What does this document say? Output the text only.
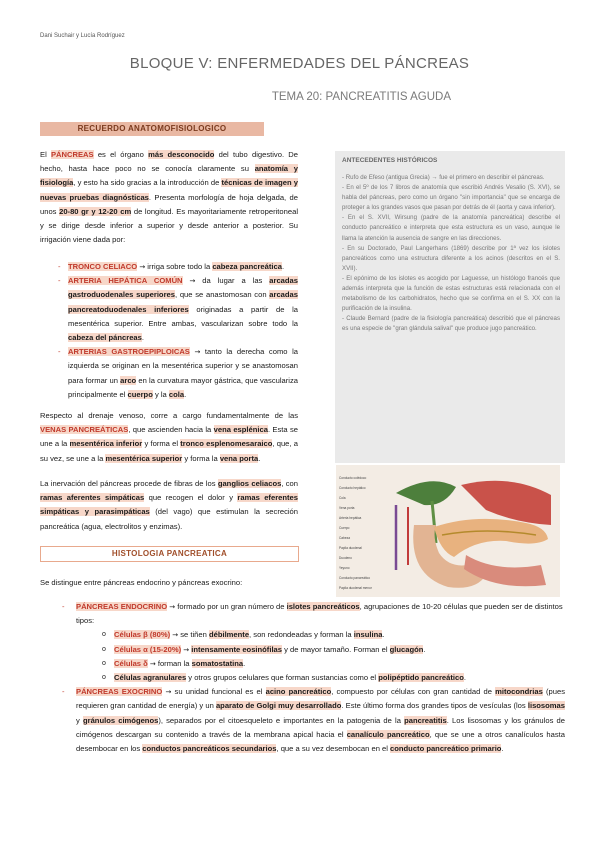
Dani Suchair y Lucía Rodríguez
BLOQUE V: ENFERMEDADES DEL PÁNCREAS
TEMA 20: PANCREATITIS AGUDA
RECUERDO ANATOMOFISIOLOGICO

El PÁNCREAS es el órgano más desconocido del tubo digestivo. De hecho, hasta hace poco no se conocía claramente su anatomía y fisiología, y esto ha sido gracias a la introducción de técnicas de imagen y nuevas pruebas diagnósticas. Presenta morfología de hoja delgada, de unos 20-80 gr y 12-20 cm de longitud. Es mayoritariamente retroperitoneal y se dirige desde inferior a superior y desde anterior a posterior. Su irrigación viene dada por:

- TRONCO CELIACO → irriga sobre todo la cabeza pancreática.
- ARTERIA HEPÁTICA COMÚN → da lugar a las arcadas gastroduodenales superiores, que se anastomosan con arcadas pancreatoduodenales inferiores originadas a partir de la mesentérica superior. Entre ambas, vascularizan sobre todo la cabeza del páncreas.
- ARTERIAS GASTROEPIPLOICAS → tanto la derecha como la izquierda se originan en la mesentérica superior y se anastomosan para formar un arco en la curvatura mayor gástrica, que vasculariza principalmente el cuerpo y la cola.

Respecto al drenaje venoso, corre a cargo fundamentalmente de las VENAS PANCREÁTICAS, que ascienden hacia la vena esplénica. Esta se une a la mesentérica inferior y forma el tronco esplenomesaraico, que, a su vez, se une a la mesentérica superior y forma la vena porta.

La inervación del páncreas procede de fibras de los ganglios celiacos, con ramas aferentes simpáticas que recogen el dolor y ramas eferentes simpáticas y parasimpáticas (del vago) que estimulan la secreción pancreática (agua, electrolitos y enzimas).

ANTECEDENTES HISTÓRICOS

- Rufo de Efeso (antigua Grecia) → fue el primero en describir el páncreas.

- En el 5º de los 7 libros de anatomía que escribió Andrés Vesalio (S. XVI), se habla del páncreas, pero como un órgano "sin importancia" que se encarga de proteger a los grandes vasos que pasan por detrás de él (aorta y cava inferior).

- En el S. XVII, Wirsung (padre de la anatomía pancreática) describe el conducto pancreático e interpreta que esta estructura es un vaso, aunque le llama la atención la ausencia de sangre en las direcciones.

- En su Doctorado, Paul Langerhans (1869) describe por 1ª vez los islotes pancreáticos como una estructura diferente a los acinos (descritos en el S. XVII).

- El epónimo de los islotes es acogido por Laguesse, un histólogo francés que además interpreta que la función de estas estructuras está relacionada con el metabolismo de los carbohidratos, hecho que se confirma en el S. XX con la purificación de la insulina.

- Claude Bernard (padre de la fisiología pancreática) describió que el páncreas es una especie de "gran glándula salival" que produce jugo pancreático.

Conducto colédoco
Conducto hepático
Cola
Vena porta
Arteria hepática
Cuerpo
Cabeza
Papila duodenal
Duodeno
Yeyuno
Conducto pancreático
Papila duodenal menor
HISTOLOGIA PANCREATICA

Se distingue entre páncreas endocrino y páncreas exocrino:

- PÁNCREAS ENDOCRINO → formado por un gran número de islotes pancreáticos, agrupaciones de 10-20 células que pueden ser de distintos tipos:

o Células β (80%) → se tiñen débilmente, son redondeadas y forman la insulina.

o Células α (15-20%) → intensamente eosinófilas y de mayor tamaño. Forman el glucagón.

o Células δ → forman la somatostatina.

o Células agranulares y otros grupos celulares que forman sustancias como el polipéptido pancreático.

- PÁNCREAS EXOCRINO → su unidad funcional es el acino pancreático, compuesto por células con gran cantidad de mitocondrias (pues requieren gran cantidad de energía) y un aparato de Golgi muy desarrollado. Este último forma dos grandes tipos de vesículas (los lisosomas y gránulos cimógenos), separados por el citoesqueleto e importantes en la patogenia de la pancreatitis. Los lisosomas y los gránulos de cimógenos descargan su contenido a través de la membrana apical hacia el canalículo pancreático, que se une a otros canalículos hasta desembocar en los conductos pancreáticos secundarios, que a su vez desembocan en el conducto pancreático primario.
